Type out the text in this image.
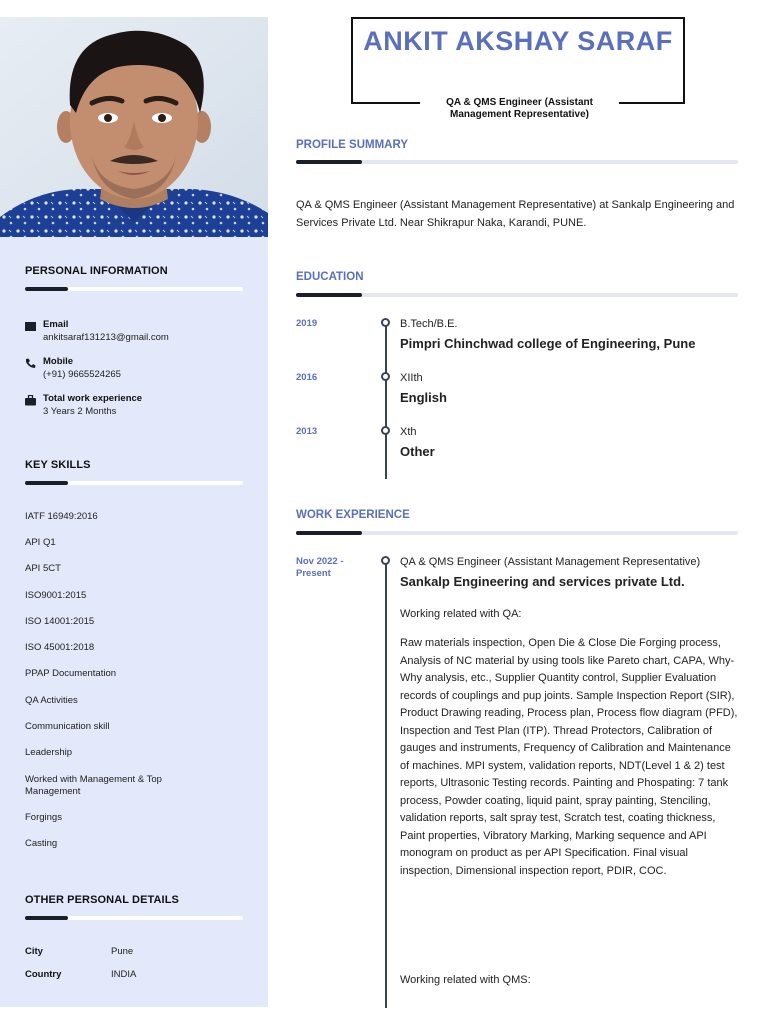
PERSONAL INFORMATION
Email
ankitsaraf131213@gmail.com
Mobile
(+91) 9665524265
Total work experience
3 Years 2 Months
KEY SKILLS
IATF 16949:2016
API Q1
API 5CT
ISO9001:2015
ISO 14001:2015
ISO 45001:2018
PPAP Documentation
QA Activities
Communication skill
Leadership
Worked with Management & Top Management
Forgings
Casting
OTHER PERSONAL DETAILS
City	Pune
Country	INDIA
ANKIT AKSHAY SARAF
QA & QMS Engineer (Assistant Management Representative)
PROFILE SUMMARY

QA & QMS Engineer (Assistant Management Representative) at Sankalp Engineering and Services Private Ltd. Near Shikrapur Naka, Karandi, PUNE.

EDUCATION
2019	B.Tech/B.E.
Pimpri Chinchwad college of Engineering, Pune
2016	XIIth
English
2013	Xth
Other
WORK EXPERIENCE
Nov 2022 - Present
QA & QMS Engineer (Assistant Management Representative)
Sankalp Engineering and services private Ltd.

Working related with QA:

Raw materials inspection, Open Die & Close Die Forging process, Analysis of NC material by using tools like Pareto chart, CAPA, Why-Why analysis, etc., Supplier Quantity control, Supplier Evaluation records of couplings and pup joints. Sample Inspection Report (SIR), Product Drawing reading, Process plan, Process flow diagram (PFD), Inspection and Test Plan (ITP). Thread Protectors, Calibration of gauges and instruments, Frequency of Calibration and Maintenance of machines. MPI system, validation reports, NDT(Level 1 & 2) test reports, Ultrasonic Testing records. Painting and Phospating: 7 tank process, Powder coating, liquid paint, spray painting, Stenciling, validation reports, salt spray test, Scratch test, coating thickness, Paint properties, Vibratory Marking, Marking sequence and API monogram on product as per API Specification. Final visual inspection, Dimensional inspection report, PDIR, COC.

Working related with QMS:
